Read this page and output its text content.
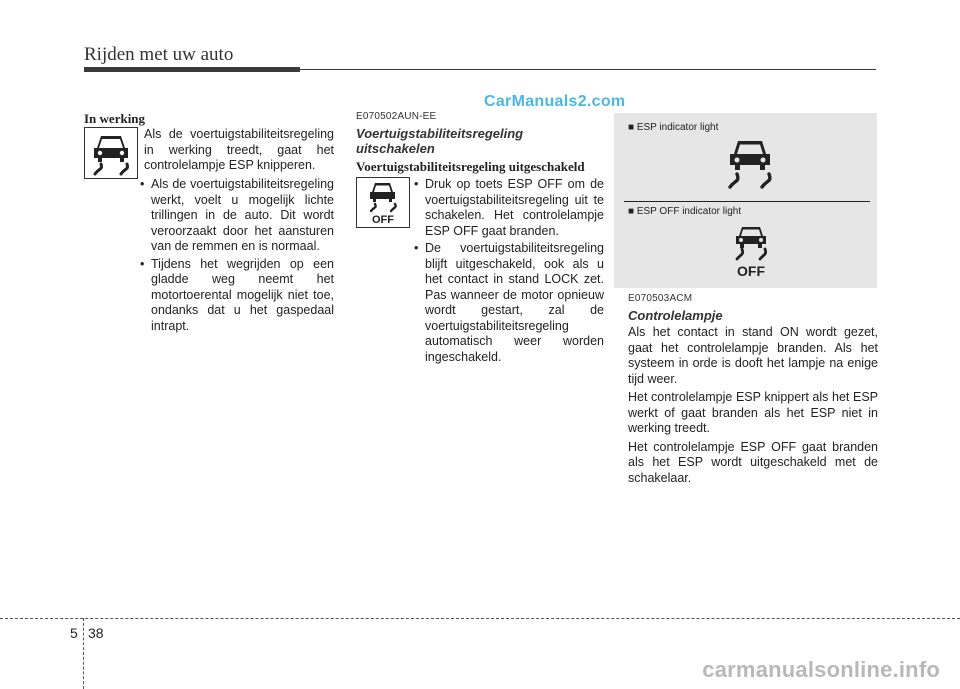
Rijden met uw auto
CarManuals2.com
In werking
Als de voertuigstabiliteitsregeling in werking treedt, gaat het controlelampje ESP knipperen.
• Als de voertuigstabiliteitsregeling werkt, voelt u mogelijk lichte trillingen in de auto. Dit wordt veroorzaakt door het aansturen van de remmen en is normaal.
• Tijdens het wegrijden op een gladde weg neemt het motortoerental mogelijk niet toe, ondanks dat u het gaspedaal intrapt.
E070502AUN-EE
Voertuigstabiliteitsregeling uitschakelen
Voertuigstabiliteitsregeling uitgeschakeld
OFF
• Druk op toets ESP OFF om de voertuigstabiliteitsregeling uit te schakelen. Het controlelampje ESP OFF gaat branden.
• De voertuigstabiliteitsregeling blijft uitgeschakeld, ook als u het contact in stand LOCK zet. Pas wanneer de motor opnieuw wordt gestart, zal de voertuigstabiliteitsregeling automatisch weer worden ingeschakeld.
■ ESP indicator light
■ ESP OFF indicator light
OFF
E070503ACM
Controlelampje

Als het contact in stand ON wordt gezet, gaat het controlelampje branden. Als het systeem in orde is dooft het lampje na enige tijd weer.

Het controlelampje ESP knippert als het ESP werkt of gaat branden als het ESP niet in werking treedt.

Het controlelampje ESP OFF gaat branden als het ESP wordt uitgeschakeld met de schakelaar.

5 38
carmanualsonline.info
